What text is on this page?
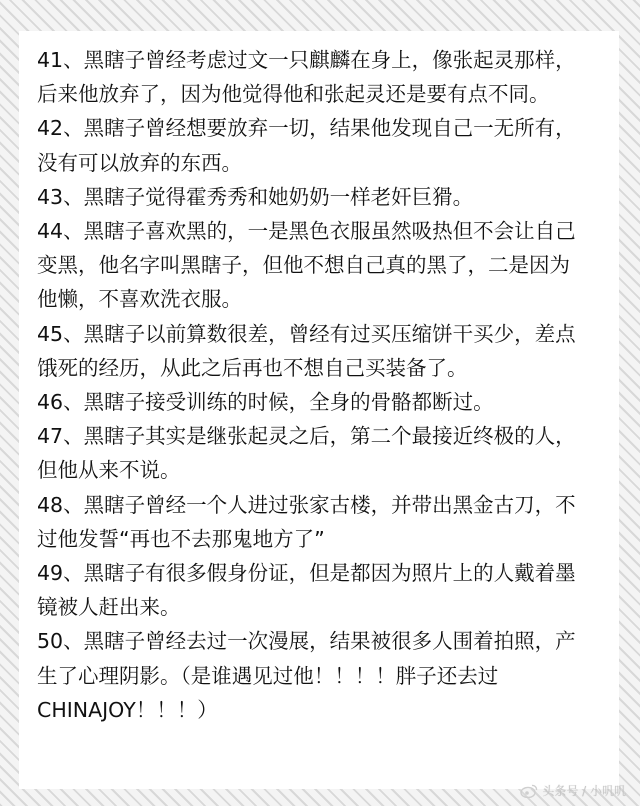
41、黑瞎子曾经考虑过文一只麒麟在身上，像张起灵那样，
后来他放弃了，因为他觉得他和张起灵还是要有点不同。
42、黑瞎子曾经想要放弃一切，结果他发现自己一无所有，
没有可以放弃的东西。
43、黑瞎子觉得霍秀秀和她奶奶一样老奸巨猾。
44、黑瞎子喜欢黑的，一是黑色衣服虽然吸热但不会让自己
变黑，他名字叫黑瞎子，但他不想自己真的黑了，二是因为
他懒，不喜欢洗衣服。
45、黑瞎子以前算数很差，曾经有过买压缩饼干买少，差点
饿死的经历，从此之后再也不想自己买装备了。
46、黑瞎子接受训练的时候，全身的骨骼都断过。
47、黑瞎子其实是继张起灵之后，第二个最接近终极的人，
但他从来不说。
48、黑瞎子曾经一个人进过张家古楼，并带出黑金古刀，不
过他发誓“再也不去那鬼地方了”
49、黑瞎子有很多假身份证，但是都因为照片上的人戴着墨
镜被人赶出来。
50、黑瞎子曾经去过一次漫展，结果被很多人围着拍照，产
生了心理阴影。（是谁遇见过他！！！！胖子还去过
CHINAJOY！！！）
头条号 / 小叽叽
